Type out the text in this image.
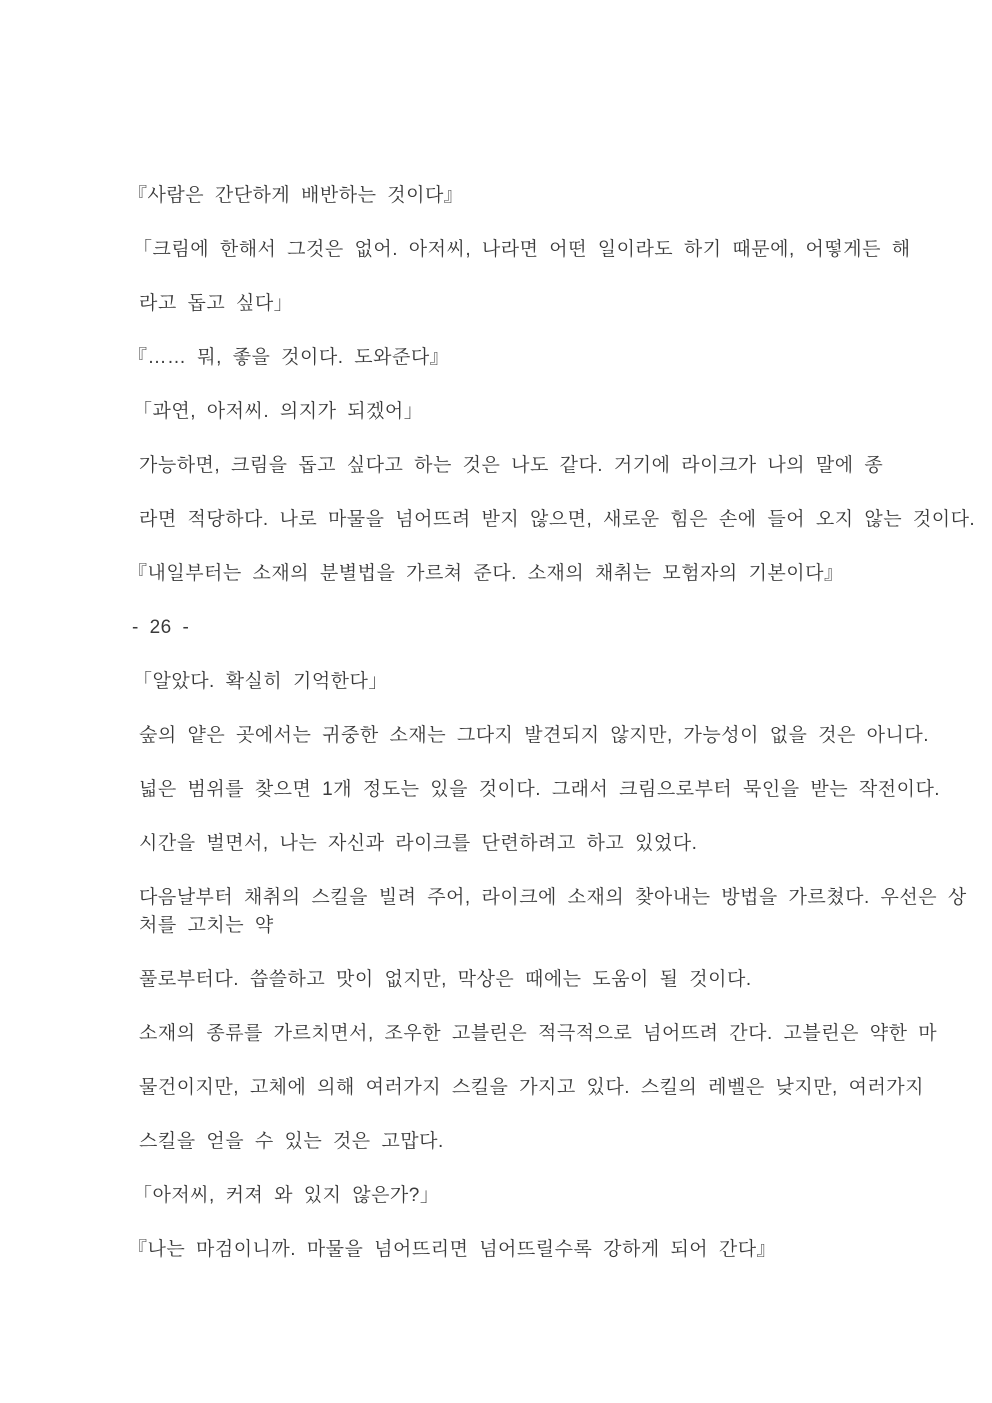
『사람은 간단하게 배반하는 것이다』
「크림에 한해서 그것은 없어. 아저씨, 나라면 어떤 일이라도 하기 때문에, 어떻게든 해
라고 돕고 싶다」
『…… 뭐, 좋을 것이다. 도와준다』
「과연, 아저씨. 의지가 되겠어」
가능하면, 크림을 돕고 싶다고 하는 것은 나도 같다. 거기에 라이크가 나의 말에 종
라면 적당하다. 나로 마물을 넘어뜨려 받지 않으면, 새로운 힘은 손에 들어 오지 않는 것이다.
『내일부터는 소재의 분별법을 가르쳐 준다. 소재의 채취는 모험자의 기본이다』
- 26 -
「알았다. 확실히 기억한다」
숲의 얕은 곳에서는 귀중한 소재는 그다지 발견되지 않지만, 가능성이 없을 것은 아니다.
넓은 범위를 찾으면 1개 정도는 있을 것이다. 그래서 크림으로부터 묵인을 받는 작전이다.
시간을 벌면서, 나는 자신과 라이크를 단련하려고 하고 있었다.
다음날부터 채취의 스킬을 빌려 주어, 라이크에 소재의 찾아내는 방법을 가르쳤다. 우선은 상
처를 고치는 약
풀로부터다. 씁쓸하고 맛이 없지만, 막상은 때에는 도움이 될 것이다.
소재의 종류를 가르치면서, 조우한 고블린은 적극적으로 넘어뜨려 간다. 고블린은 약한 마
물건이지만, 고체에 의해 여러가지 스킬을 가지고 있다. 스킬의 레벨은 낮지만, 여러가지
스킬을 얻을 수 있는 것은 고맙다.
「아저씨, 커져 와 있지 않은가?」
『나는 마검이니까. 마물을 넘어뜨리면 넘어뜨릴수록 강하게 되어 간다』
